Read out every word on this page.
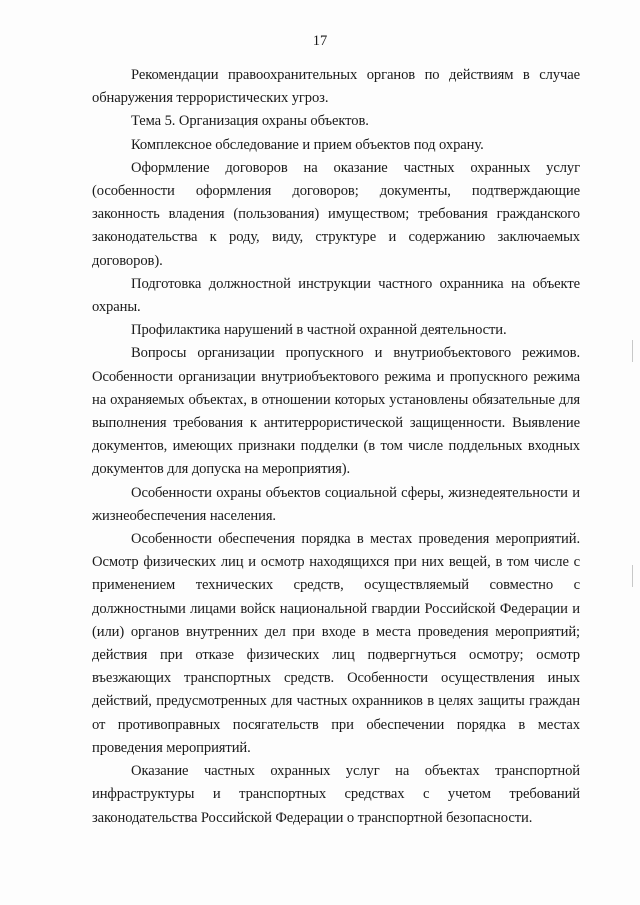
17

Рекомендации правоохранительных органов по действиям в случае обнаружения террористических угроз.

Тема 5. Организация охраны объектов.

Комплексное обследование и прием объектов под охрану.

Оформление договоров на оказание частных охранных услуг (особенности оформления договоров; документы, подтверждающие законность владения (пользования) имуществом; требования гражданского законодательства к роду, виду, структуре и содержанию заключаемых договоров).

Подготовка должностной инструкции частного охранника на объекте охраны.

Профилактика нарушений в частной охранной деятельности.

Вопросы организации пропускного и внутриобъектового режимов. Особенности организации внутриобъектового режима и пропускного режима на охраняемых объектах, в отношении которых установлены обязательные для выполнения требования к антитеррористической защищенности. Выявление документов, имеющих признаки подделки (в том числе поддельных входных документов для допуска на мероприятия).

Особенности охраны объектов социальной сферы, жизнедеятельности и жизнеобеспечения населения.

Особенности обеспечения порядка в местах проведения мероприятий. Осмотр физических лиц и осмотр находящихся при них вещей, в том числе с применением технических средств, осуществляемый совместно с должностными лицами войск национальной гвардии Российской Федерации и (или) органов внутренних дел при входе в места проведения мероприятий; действия при отказе физических лиц подвергнуться осмотру; осмотр въезжающих транспортных средств. Особенности осуществления иных действий, предусмотренных для частных охранников в целях защиты граждан от противоправных посягательств при обеспечении порядка в местах проведения мероприятий.

Оказание частных охранных услуг на объектах транспортной инфраструктуры и транспортных средствах с учетом требований законодательства Российской Федерации о транспортной безопасности.
